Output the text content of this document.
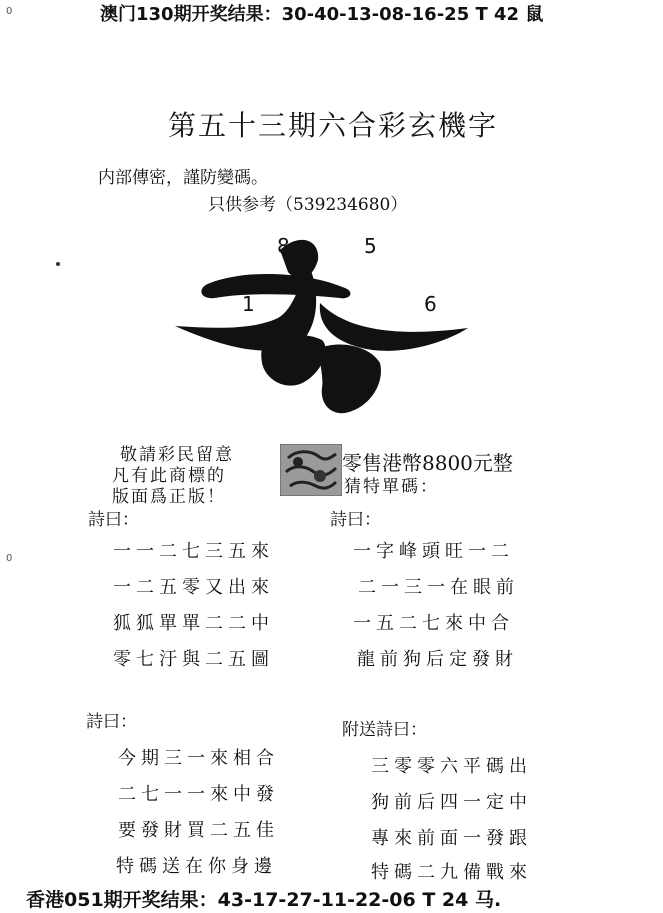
澳门130期开奖结果：30-40-13-08-16-25 T 42 鼠
0
0
第五十三期六合彩玄機字
内部傳密，謹防變碼。
只供参考（539234680）
8	5
1	6
敬請彩民留意
凡有此商標的
版面爲正版！
零售港幣8800元整
猜特單碼：
詩曰：
一一二七三五來
一二五零又出來
狐狐單單二二中
零七汙與二五圖
詩曰：
一字峰頭旺一二
二一三一在眼前
一五二七來中合
龍前狗后定發財
詩曰：
今期三一來相合
二七一一來中發
要發財買二五佳
特碼送在你身邊
附送詩曰：
三零零六平碼出
狗前后四一定中
專來前面一發跟
特碼二九備戰來
香港051期开奖结果：43-17-27-11-22-06 T 24 马.
